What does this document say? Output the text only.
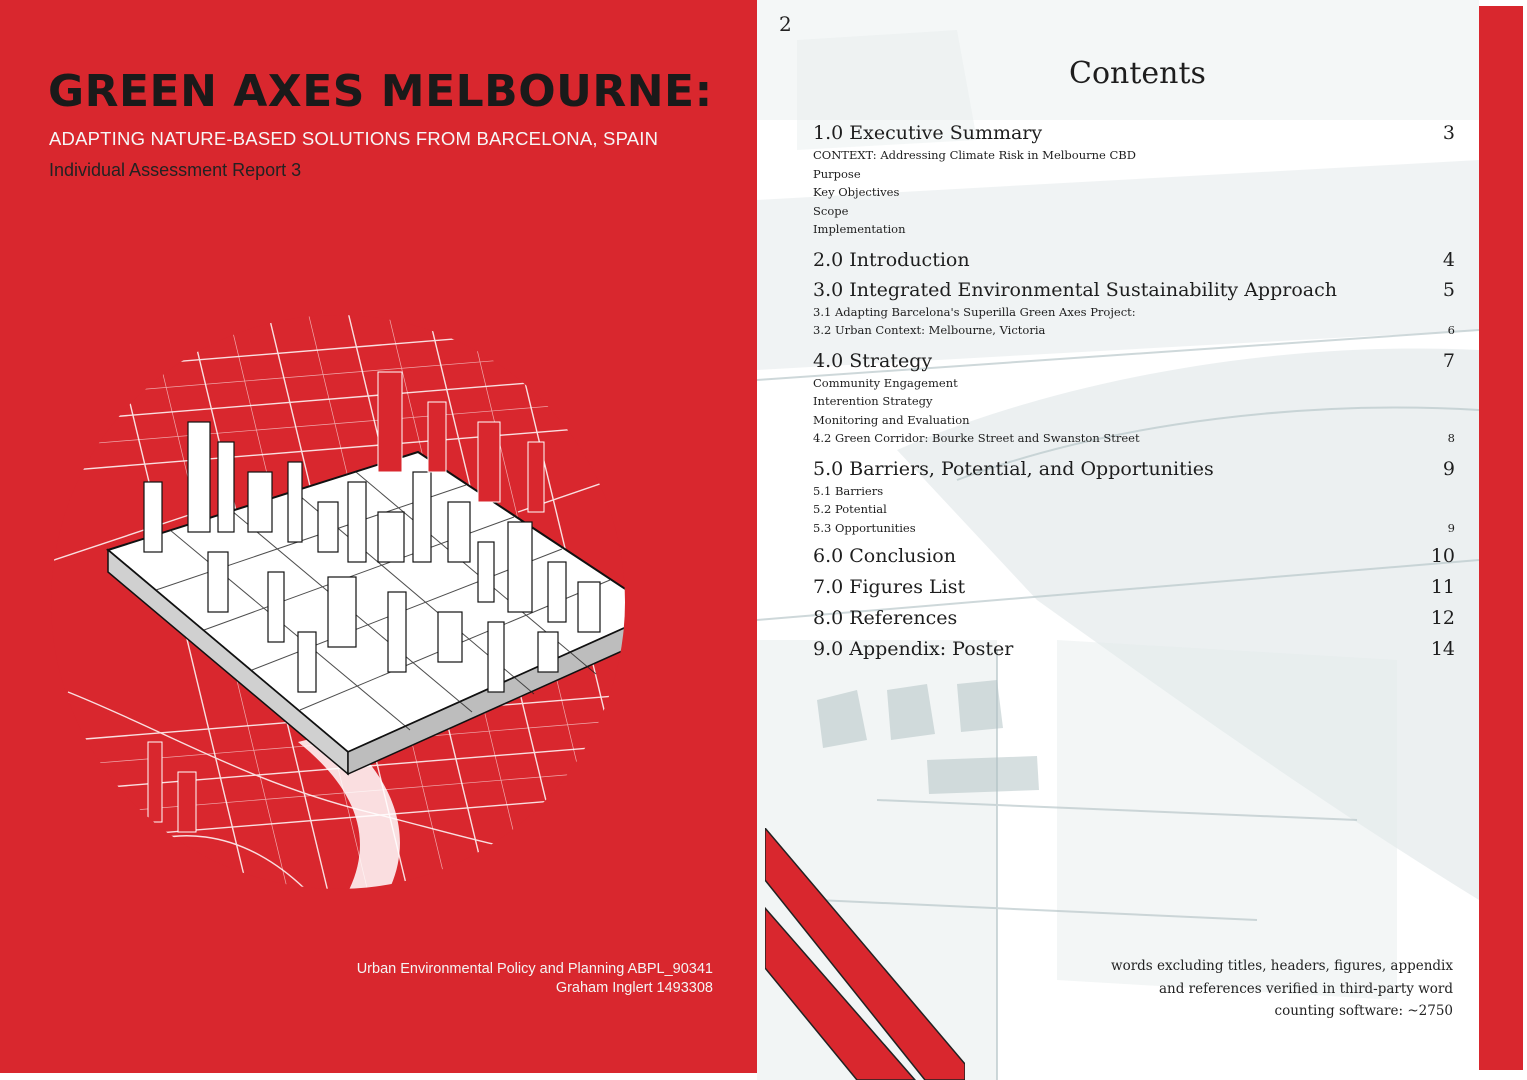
GREEN AXES MELBOURNE:
ADAPTING NATURE-BASED SOLUTIONS FROM BARCELONA, SPAIN
Individual Assessment Report 3
Urban Environmental Policy and Planning ABPL_90341
Graham Inglert 1493308
2
Contents
1.0 Executive Summary	3
CONTEXT: Addressing Climate Risk in Melbourne CBD
Purpose
Key Objectives
Scope
Implementation
2.0 Introduction	4
3.0 Integrated Environmental Sustainability Approach	5
3.1 Adapting Barcelona's Superilla Green Axes Project:
3.2 Urban Context: Melbourne, Victoria	6
4.0 Strategy	7
Community Engagement
Interention Strategy
Monitoring and Evaluation
4.2 Green Corridor: Bourke Street and Swanston Street	8
5.0 Barriers, Potential, and Opportunities	9
5.1 Barriers
5.2 Potential
5.3 Opportunities	9
6.0 Conclusion	10
7.0 Figures List	11
8.0 References	12
9.0 Appendix: Poster	14
words excluding titles, headers, figures, appendix
and references verified in third-party word
counting software: ~2750
